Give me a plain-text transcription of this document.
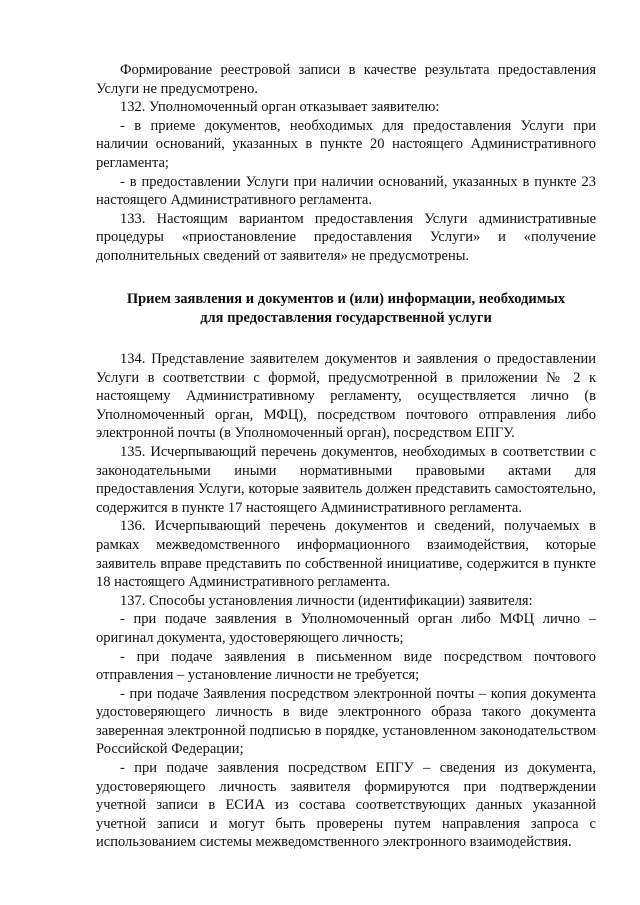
Формирование реестровой записи в качестве результата предоставления Услуги не предусмотрено.

132. Уполномоченный орган отказывает заявителю:

- в приеме документов, необходимых для предоставления Услуги при наличии оснований, указанных в пункте 20 настоящего Административного регламента;

- в предоставлении Услуги при наличии оснований, указанных в пункте 23 настоящего Административного регламента.

133. Настоящим вариантом предоставления Услуги административные процедуры «приостановление предоставления Услуги» и «получение дополнительных сведений от заявителя» не предусмотрены.

Прием заявления и документов и (или) информации, необходимых
для предоставления государственной услуги

134. Представление заявителем документов и заявления о предоставлении Услуги в соответствии с формой, предусмотренной в приложении № 2 к настоящему Административному регламенту, осуществляется лично (в Уполномоченный орган, МФЦ), посредством почтового отправления либо электронной почты (в Уполномоченный орган), посредством ЕПГУ.

135. Исчерпывающий перечень документов, необходимых в соответствии с законодательными иными нормативными правовыми актами для предоставления Услуги, которые заявитель должен представить самостоятельно, содержится в пункте 17 настоящего Административного регламента.

136. Исчерпывающий перечень документов и сведений, получаемых в рамках межведомственного информационного взаимодействия, которые заявитель вправе представить по собственной инициативе, содержится в пункте 18 настоящего Административного регламента.

137. Способы установления личности (идентификации) заявителя:

- при подаче заявления в Уполномоченный орган либо МФЦ лично – оригинал документа, удостоверяющего личность;

- при подаче заявления в письменном виде посредством почтового отправления – установление личности не требуется;

- при подаче Заявления посредством электронной почты – копия документа удостоверяющего личность в виде электронного образа такого документа заверенная электронной подписью в порядке, установленном законодательством Российской Федерации;

- при подаче заявления посредством ЕПГУ – сведения из документа, удостоверяющего личность заявителя формируются при подтверждении учетной записи в ЕСИА из состава соответствующих данных указанной учетной записи и могут быть проверены путем направления запроса с использованием системы межведомственного электронного взаимодействия.
